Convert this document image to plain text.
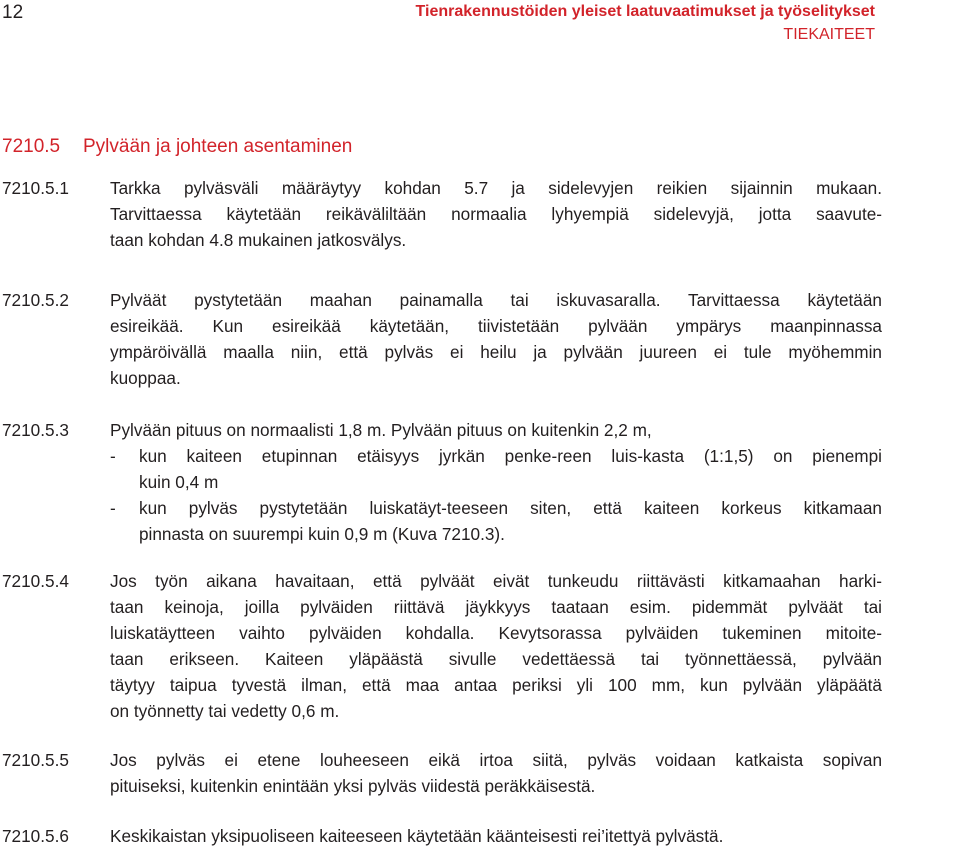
12	Tienrakennustöiden yleiset laatuvaatimukset ja työselitykset
TIEKAITEET
7210.5 Pylvään ja johteen asentaminen
7210.5.1	Tarkka pylväsväli määräytyy kohdan 5.7 ja sidelevyjen reikien sijainnin mukaan.
Tarvittaessa käytetään reikäväliltään normaalia lyhyempiä sidelevyjä, jotta saavute-
taan kohdan 4.8 mukainen jatkosvälys.
7210.5.2	Pylväät pystytetään maahan painamalla tai iskuvasaralla. Tarvittaessa käytetään
esireikää. Kun esireikää käytetään, tiivistetään pylvään ympärys maanpinnassa
ympäröivällä maalla niin, että pylväs ei heilu ja pylvään juureen ei tule myöhemmin
kuoppaa.
7210.5.3	Pylvään pituus on normaalisti 1,8 m. Pylvään pituus on kuitenkin 2,2 m,
- kun kaiteen etupinnan etäisyys jyrkän penke-reen luis-kasta (1:1,5) on pienempi
kuin 0,4 m
- kun pylväs pystytetään luiskatäyt-teeseen siten, että kaiteen korkeus kitkamaan
pinnasta on suurempi kuin 0,9 m (Kuva 7210.3).
7210.5.4	Jos työn aikana havaitaan, että pylväät eivät tunkeudu riittävästi kitkamaahan harki-
taan keinoja, joilla pylväiden riittävä jäykkyys taataan esim. pidemmät pylväät tai
luiskatäytteen vaihto pylväiden kohdalla. Kevytsorassa pylväiden tukeminen mitoite-
taan erikseen. Kaiteen yläpäästä sivulle vedettäessä tai työnnettäessä, pylvään
täytyy taipua tyvestä ilman, että maa antaa periksi yli 100 mm, kun pylvään yläpäätä
on työnnetty tai vedetty 0,6 m.
7210.5.5	Jos pylväs ei etene louheeseen eikä irtoa siitä, pylväs voidaan katkaista sopivan
pituiseksi, kuitenkin enintään yksi pylväs viidestä peräkkäisestä.
7210.5.6	Keskikaistan yksipuoliseen kaiteeseen käytetään käänteisesti rei’itettyä pylvästä.
